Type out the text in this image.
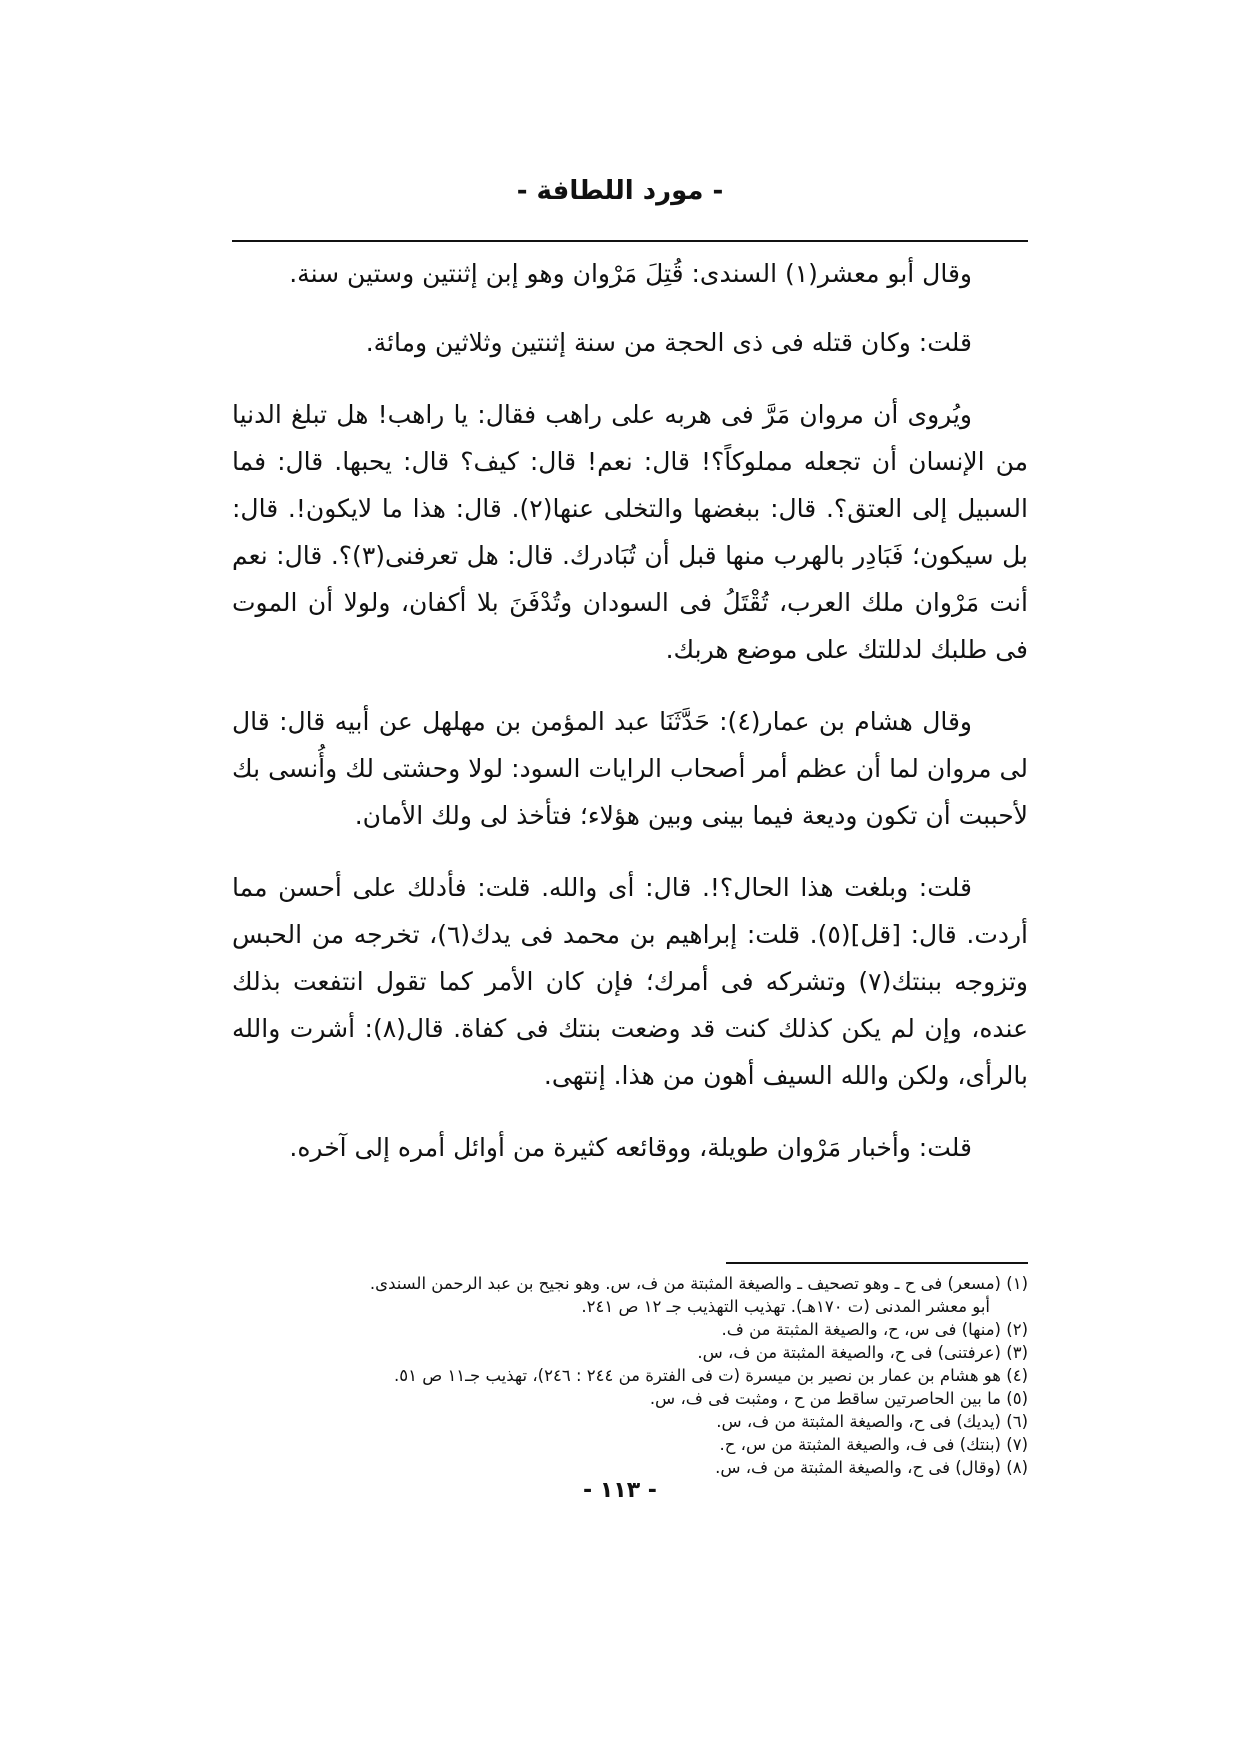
- مورد اللطافة -

وقال أبو معشر(١) السندى: قُتِلَ مَرْوان وهو إبن إثنتين وستين سنة.

قلت: وكان قتله فى ذى الحجة من سنة إثنتين وثلاثين ومائة.

ويُروى أن مروان مَرَّ فى هربه على راهب فقال: يا راهب! هل تبلغ الدنيا من الإنسان أن تجعله مملوكاً؟! قال: نعم! قال: كيف؟ قال: يحبها. قال: فما السبيل إلى العتق؟. قال: ببغضها والتخلى عنها(٢). قال: هذا ما لايكون!. قال: بل سيكون؛ فَبَادِر بالهرب منها قبل أن تُبَادرك. قال: هل تعرفنى(٣)؟. قال: نعم أنت مَرْوان ملك العرب، تُقْتَلُ فى السودان وتُدْفَنَ بلا أكفان، ولولا أن الموت فى طلبك لدللتك على موضع هربك.

وقال هشام بن عمار(٤): حَدَّثَنَا عبد المؤمن بن مهلهل عن أبيه قال: قال لى مروان لما أن عظم أمر أصحاب الرايات السود: لولا وحشتى لك وأُنسى بك لأحببت أن تكون وديعة فيما بينى وبين هؤلاء؛ فتأخذ لى ولك الأمان.

قلت: وبلغت هذا الحال؟!. قال: أى والله. قلت: فأدلك على أحسن مما أردت. قال: [قل](٥). قلت: إبراهيم بن محمد فى يدك(٦)، تخرجه من الحبس وتزوجه ببنتك(٧) وتشركه فى أمرك؛ فإن كان الأمر كما تقول انتفعت بذلك عنده، وإن لم يكن كذلك كنت قد وضعت بنتك فى كفاة. قال(٨): أشرت والله بالرأى، ولكن والله السيف أهون من هذا. إنتهى.

قلت: وأخبار مَرْوان طويلة، ووقائعه كثيرة من أوائل أمره إلى آخره.

(١) (مسعر) فى ح ـ وهو تصحيف ـ والصيغة المثبتة من ف، س. وهو نجيح بن عبد الرحمن السندى.
أبو معشر المدنى (ت ١٧٠هـ). تهذيب التهذيب جـ ١٢ ص ٢٤١.
(٢) (منها) فى س، ح، والصيغة المثبتة من ف.
(٣) (عرفتنى) فى ح، والصيغة المثبتة من ف، س.
(٤) هو هشام بن عمار بن نصير بن ميسرة (ت فى الفترة من ٢٤٤ : ٢٤٦)، تهذيب جـ١١ ص ٥١.
(٥) ما بين الحاصرتين ساقط من ح ، ومثبت فى ف، س.
(٦) (يديك) فى ح، والصيغة المثبتة من ف، س.
(٧) (بنتك) فى ف، والصيغة المثبتة من س، ح.
(٨) (وقال) فى ح، والصيغة المثبتة من ف، س.
- ١١٣ -
